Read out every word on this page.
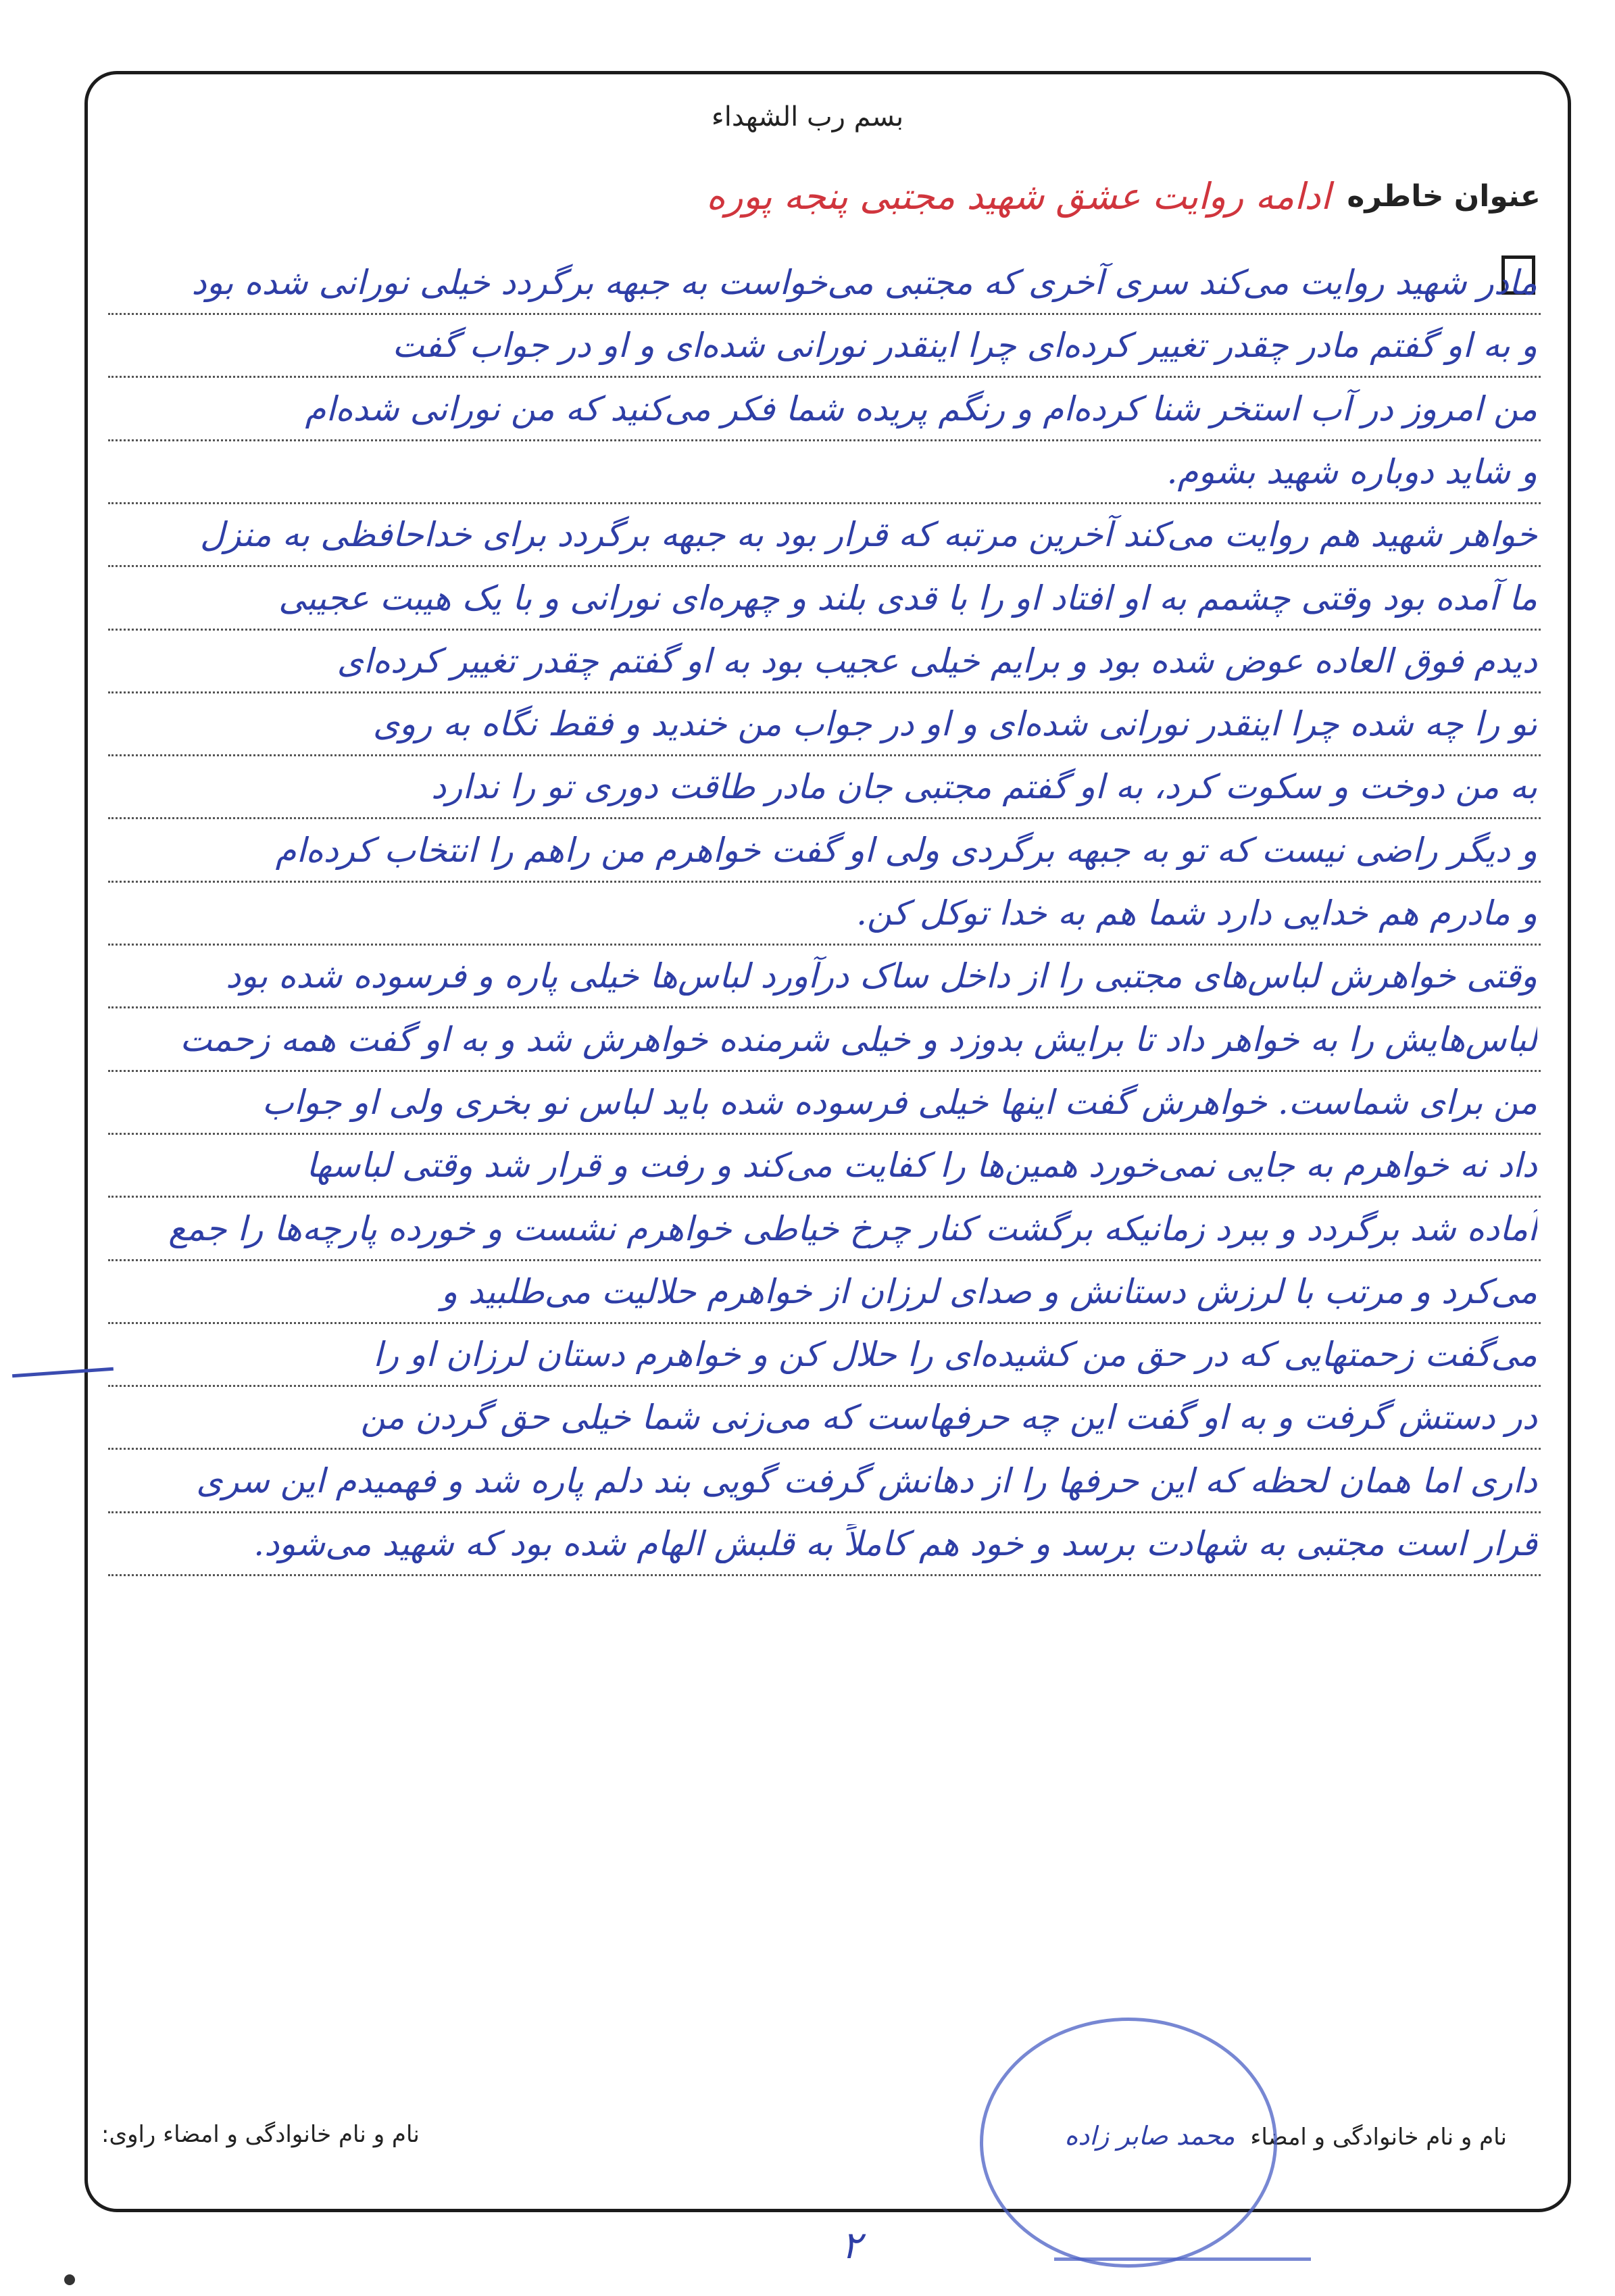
بسم رب الشهداء
عنوان خاطره
ادامه روایت عشق شهید مجتبی پنجه پوره
مادر شهید روایت می‌کند سری آخری که مجتبی می‌خواست به جبهه برگردد خیلی نورانی شده بود
و به او گفتم مادر چقدر تغییر کرده‌ای چرا اینقدر نورانی شده‌ای و او در جواب گفت
من امروز در آب استخر شنا کرده‌ام و رنگم پریده شما فکر می‌کنید که من نورانی شده‌ام
و شاید دوباره شهید بشوم.
خواهر شهید هم روایت می‌کند آخرین مرتبه که قرار بود به جبهه برگردد برای خداحافظی به منزل
ما آمده بود وقتی چشمم به او افتاد او را با قدی بلند و چهره‌ای نورانی و با یک هیبت عجیبی
دیدم فوق العاده عوض شده بود و برایم خیلی عجیب بود به او گفتم چقدر تغییر کرده‌ای
تو را چه شده چرا اینقدر نورانی شده‌ای و او در جواب من خندید و فقط نگاه به روی
به من دوخت و سکوت کرد، به او گفتم مجتبی جان مادر طاقت دوری تو را ندارد
و دیگر راضی نیست که تو به جبهه برگردی ولی او گفت خواهرم من راهم را انتخاب کرده‌ام
و مادرم هم خدایی دارد شما هم به خدا توکل کن.
وقتی خواهرش لباس‌های مجتبی را از داخل ساک درآورد لباس‌ها خیلی پاره و فرسوده شده بود
لباس‌هایش را به خواهر داد تا برایش بدوزد و خیلی شرمنده خواهرش شد و به او گفت همه زحمت
من برای شماست. خواهرش گفت اینها خیلی فرسوده شده باید لباس نو بخری ولی او جواب
داد نه خواهرم به جایی نمی‌خورد همین‌ها را کفایت می‌کند و رفت و قرار شد وقتی لباسها
آماده شد برگردد و ببرد زمانیکه برگشت کنار چرخ خیاطی خواهرم نشست و خورده پارچه‌ها را جمع
می‌کرد و مرتب با لرزش دستانش و صدای لرزان از خواهرم حلالیت می‌طلبید و
می‌گفت زحمتهایی که در حق من کشیده‌ای را حلال کن و خواهرم دستان لرزان او را
در دستش گرفت و به او گفت این چه حرفهاست که می‌زنی شما خیلی حق گردن من
داری اما همان لحظه که این حرفها را از دهانش گرفت گویی بند دلم پاره شد و فهمیدم این سری
قرار است مجتبی به شهادت برسد و خود هم کاملاً به قلبش الهام شده بود که شهید می‌شود.
نام و نام خانوادگی و امضاء محمد صابر زاده
نام و نام خانوادگی و امضاء راوی:
۲
